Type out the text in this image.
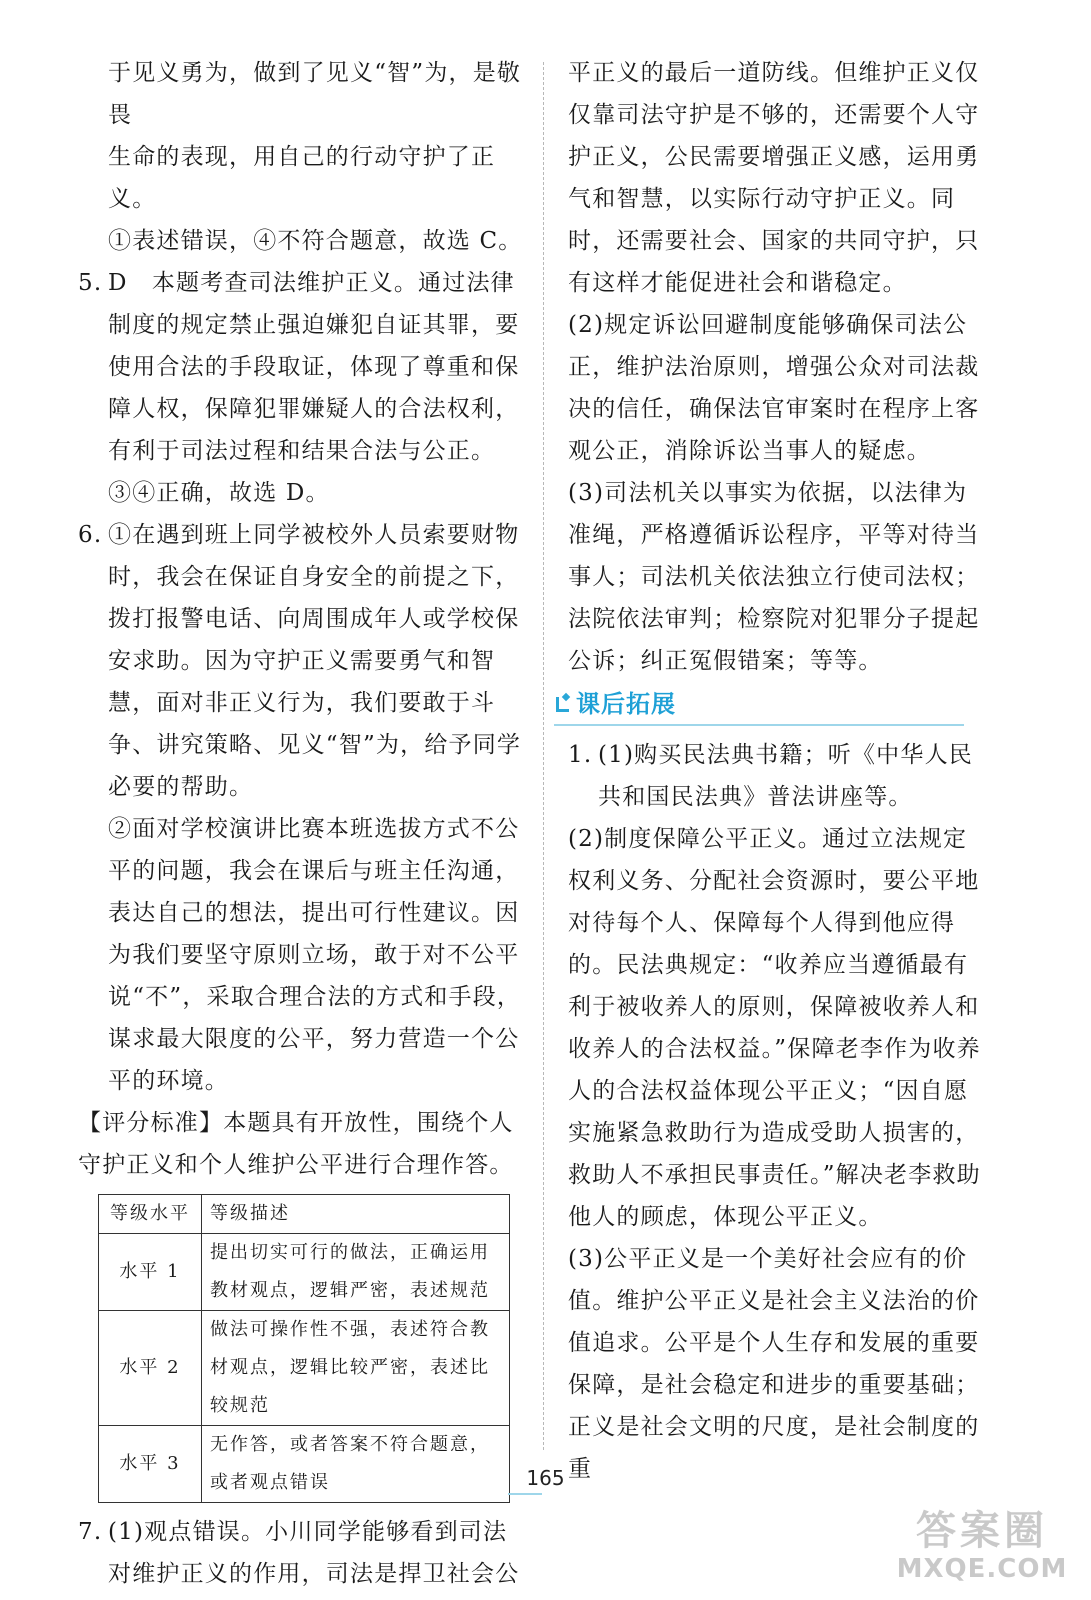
于见义勇为，做到了见义“智”为，是敬畏

生命的表现，用自己的行动守护了正义。

①表述错误，④不符合题意，故选 C。

5. D　本题考查司法维护正义。通过法律制度的规定禁止强迫嫌犯自证其罪，要使用合法的手段取证，体现了尊重和保障人权，保障犯罪嫌疑人的合法权利，有利于司法过程和结果合法与公正。③④正确，故选 D。

6. ①在遇到班上同学被校外人员索要财物时，我会在保证自身安全的前提之下，拨打报警电话、向周围成年人或学校保安求助。因为守护正义需要勇气和智慧，面对非正义行为，我们要敢于斗争、讲究策略、见义“智”为，给予同学必要的帮助。

②面对学校演讲比赛本班选拔方式不公平的问题，我会在课后与班主任沟通，表达自己的想法，提出可行性建议。因为我们要坚守原则立场，敢于对不公平说“不”，采取合理合法的方式和手段，谋求最大限度的公平，努力营造一个公平的环境。

【评分标准】本题具有开放性，围绕个人守护正义和个人维护公平进行合理作答。

等级水平	等级描述
水平 1	提出切实可行的做法，正确运用教材观点，逻辑严密，表述规范
水平 2	做法可操作性不强，表述符合教材观点，逻辑比较严密，表述比较规范
水平 3	无作答，或者答案不符合题意，或者观点错误
7. (1)观点错误。小川同学能够看到司法对维护正义的作用，司法是捍卫社会公

平正义的最后一道防线。但维护正义仅仅靠司法守护是不够的，还需要个人守护正义，公民需要增强正义感，运用勇气和智慧，以实际行动守护正义。同时，还需要社会、国家的共同守护，只有这样才能促进社会和谐稳定。

(2)规定诉讼回避制度能够确保司法公正，维护法治原则，增强公众对司法裁决的信任，确保法官审案时在程序上客观公正，消除诉讼当事人的疑虑。

(3)司法机关以事实为依据，以法律为准绳，严格遵循诉讼程序，平等对待当事人；司法机关依法独立行使司法权；法院依法审判；检察院对犯罪分子提起公诉；纠正冤假错案；等等。

课后拓展
1. (1)购买民法典书籍；听《中华人民共和国民法典》普法讲座等。

(2)制度保障公平正义。通过立法规定权利义务、分配社会资源时，要公平地对待每个人、保障每个人得到他应得的。民法典规定：“收养应当遵循最有利于被收养人的原则，保障被收养人和收养人的合法权益。”保障老李作为收养人的合法权益体现公平正义；“因自愿实施紧急救助行为造成受助人损害的，救助人不承担民事责任。”解决老李救助他人的顾虑，体现公平正义。

(3)公平正义是一个美好社会应有的价值。维护公平正义是社会主义法治的价值追求。公平是个人生存和发展的重要保障，是社会稳定和进步的重要基础；正义是社会文明的尺度，是社会制度的重

165
答案圈
MXQE.COM
